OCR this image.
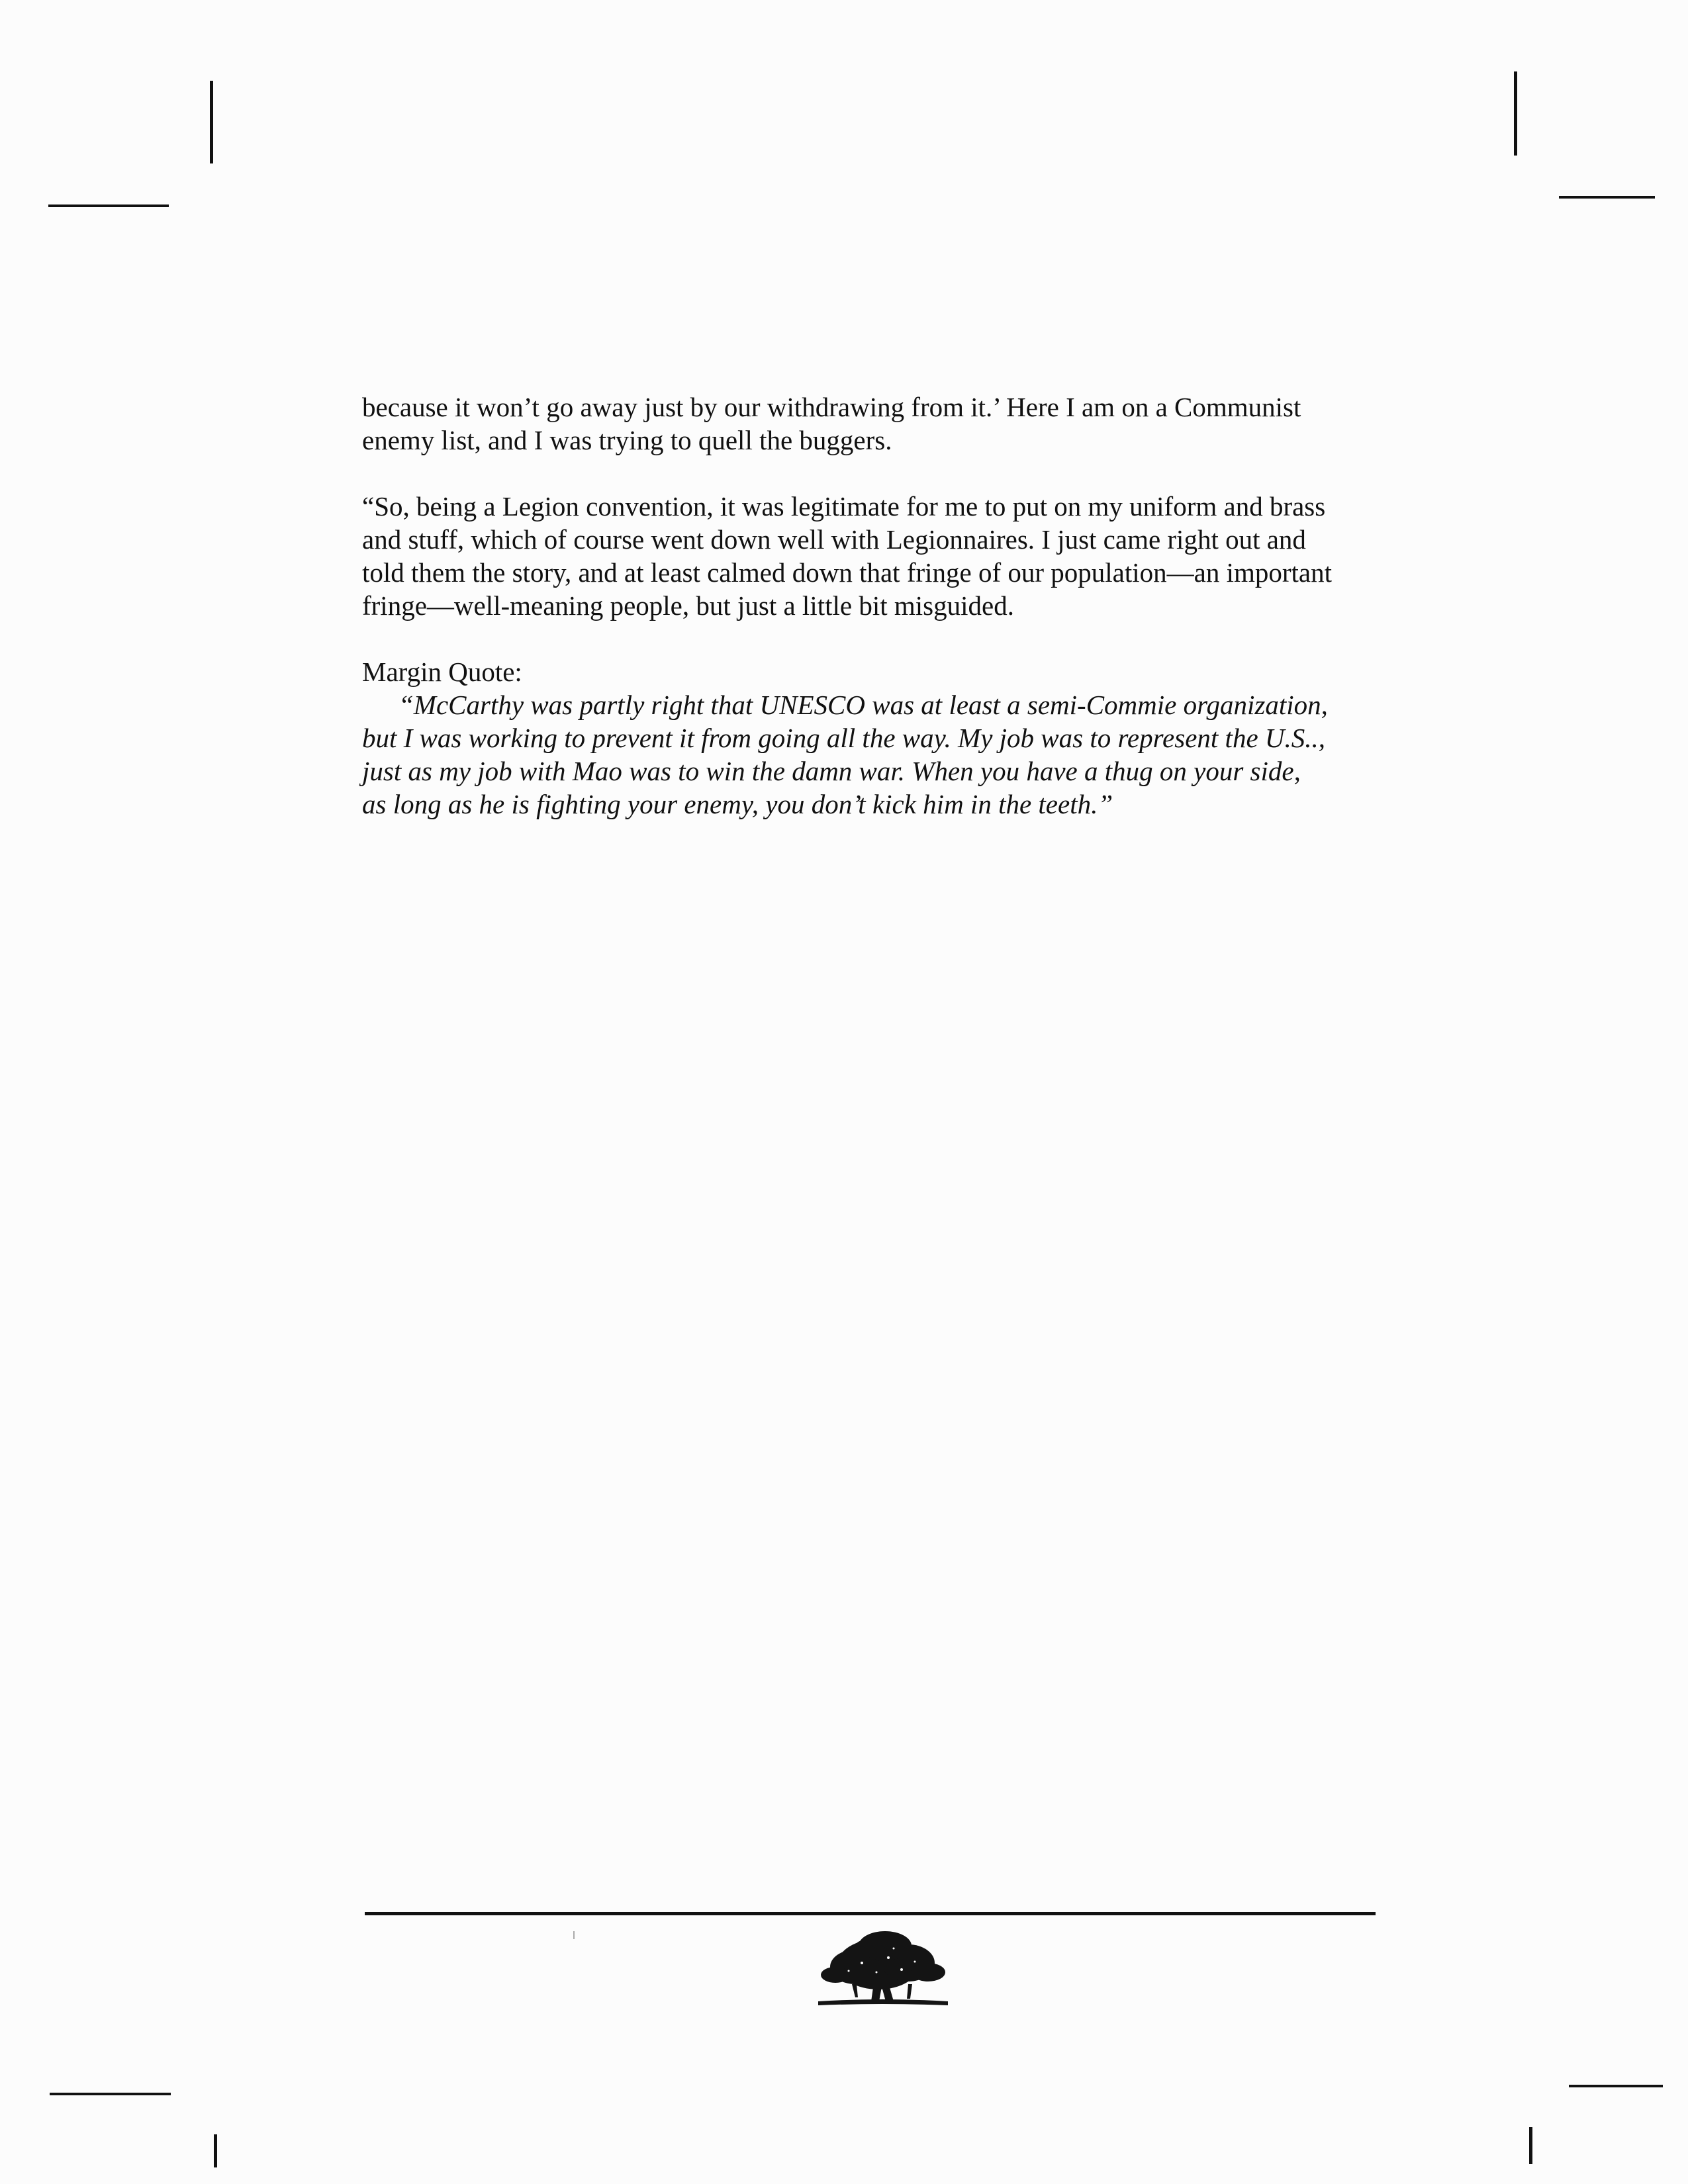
because it won’t go away just by our withdrawing from it.’ Here I am on a Communist
enemy list, and I was trying to quell the buggers.

“So, being a Legion convention, it was legitimate for me to put on my uniform and brass
and stuff, which of course went down well with Legionnaires. I just came right out and
told them the story, and at least calmed down that fringe of our population—an important
fringe—well-meaning people, but just a little bit misguided.

Margin Quote:

“McCarthy was partly right that UNESCO was at least a semi-Commie organization,
but I was working to prevent it from going all the way. My job was to represent the U.S..,
just as my job with Mao was to win the damn war. When you have a thug on your side,
as long as he is fighting your enemy, you don’t kick him in the teeth.”
